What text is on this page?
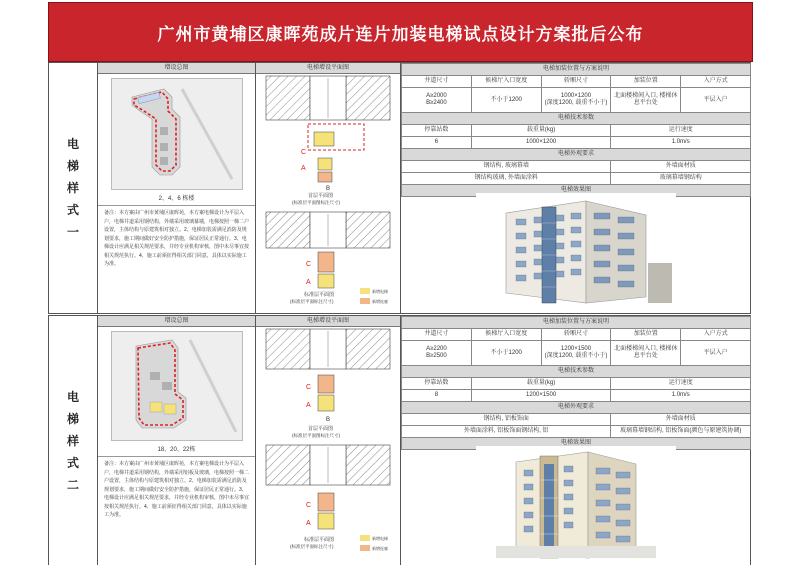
广州市黄埔区康晖苑成片连片加装电梯试点设计方案批后公布
电
梯
样
式
一
增设总图
2、4、6 栋楼
备注：本方案由广州市黄埔区康晖苑，本方案电梯设计为平层入户，电梯井道采用钢结构，外墙采用玻璃幕墙，电梯按照一梯二户设置，主体结构与原建筑相对独立。2、电梯加装需满足消防及规划要求，施工期间做好安全防护措施，保证居民正常通行。3、电梯设计应满足相关规范要求，并经专业机构审核，图中未尽事宜按相关规范执行。4、施工前须征得相关部门同意，具体以实际施工为准。
电梯增设平面图
C
A
B
首层平面图
(标准层平面图标注尺寸)
C
A
标准层平面图
(标准层平面标注尺寸)
新增电梯
新增连廊
电梯加装位置与方案说明				
井道尺寸	候梯厅入口宽度	轿厢尺寸	加装位置	入户方式
A≥2000
B≥2400	不小于1200	1000×1200
(深度1200, 载重不小于)	北面楼梯间入口, 楼梯休息平台处	平层入户
电梯技术参数				
停靠站数	载重量(kg)		运行速度	
6	1000×1200		1.0m/s	
电梯外观要求				
钢结构, 玻璃幕墙			外墙面材质	
钢结构玻璃, 外墙面涂料			玻璃幕墙钢结构	
电梯效果图				
电
梯
样
式
二
增设总图
18、20、22栋
备注：本方案由广州市黄埔区康晖苑，本方案电梯设计为平层入户，电梯井道采用钢结构，外墙采用铝板及玻璃，电梯按照一梯二户设置，主体结构与原建筑相对独立。2、电梯加装需满足消防及规划要求，施工期间做好安全防护措施，保证居民正常通行。3、电梯设计应满足相关规范要求，并经专业机构审核，图中未尽事宜按相关规范执行。4、施工前须征得相关部门同意，具体以实际施工为准。
电梯增设平面图
C
A
B
首层平面图
(标准层平面图标注尺寸)
C
A
标准层平面图
(标准层平面标注尺寸)
新增电梯
新增连廊
电梯加装位置与方案说明				
井道尺寸	候梯厅入口宽度	轿厢尺寸	加装位置	入户方式
A≥2200
B≥2500	不小于1200	1200×1500
(深度1200, 载重不小于)	北面楼梯间入口, 楼梯休息平台处	平层入户
电梯技术参数				
停靠站数	载重量(kg)		运行速度	
8	1200×1500		1.0m/s	
电梯外观要求				
钢结构, 铝板饰面			外墙面材质	
外墙面涂料, 铝板饰面钢结构, 铝			玻璃幕墙钢结构, 铝板饰面(颜色与原建筑协调)	
电梯效果图				
